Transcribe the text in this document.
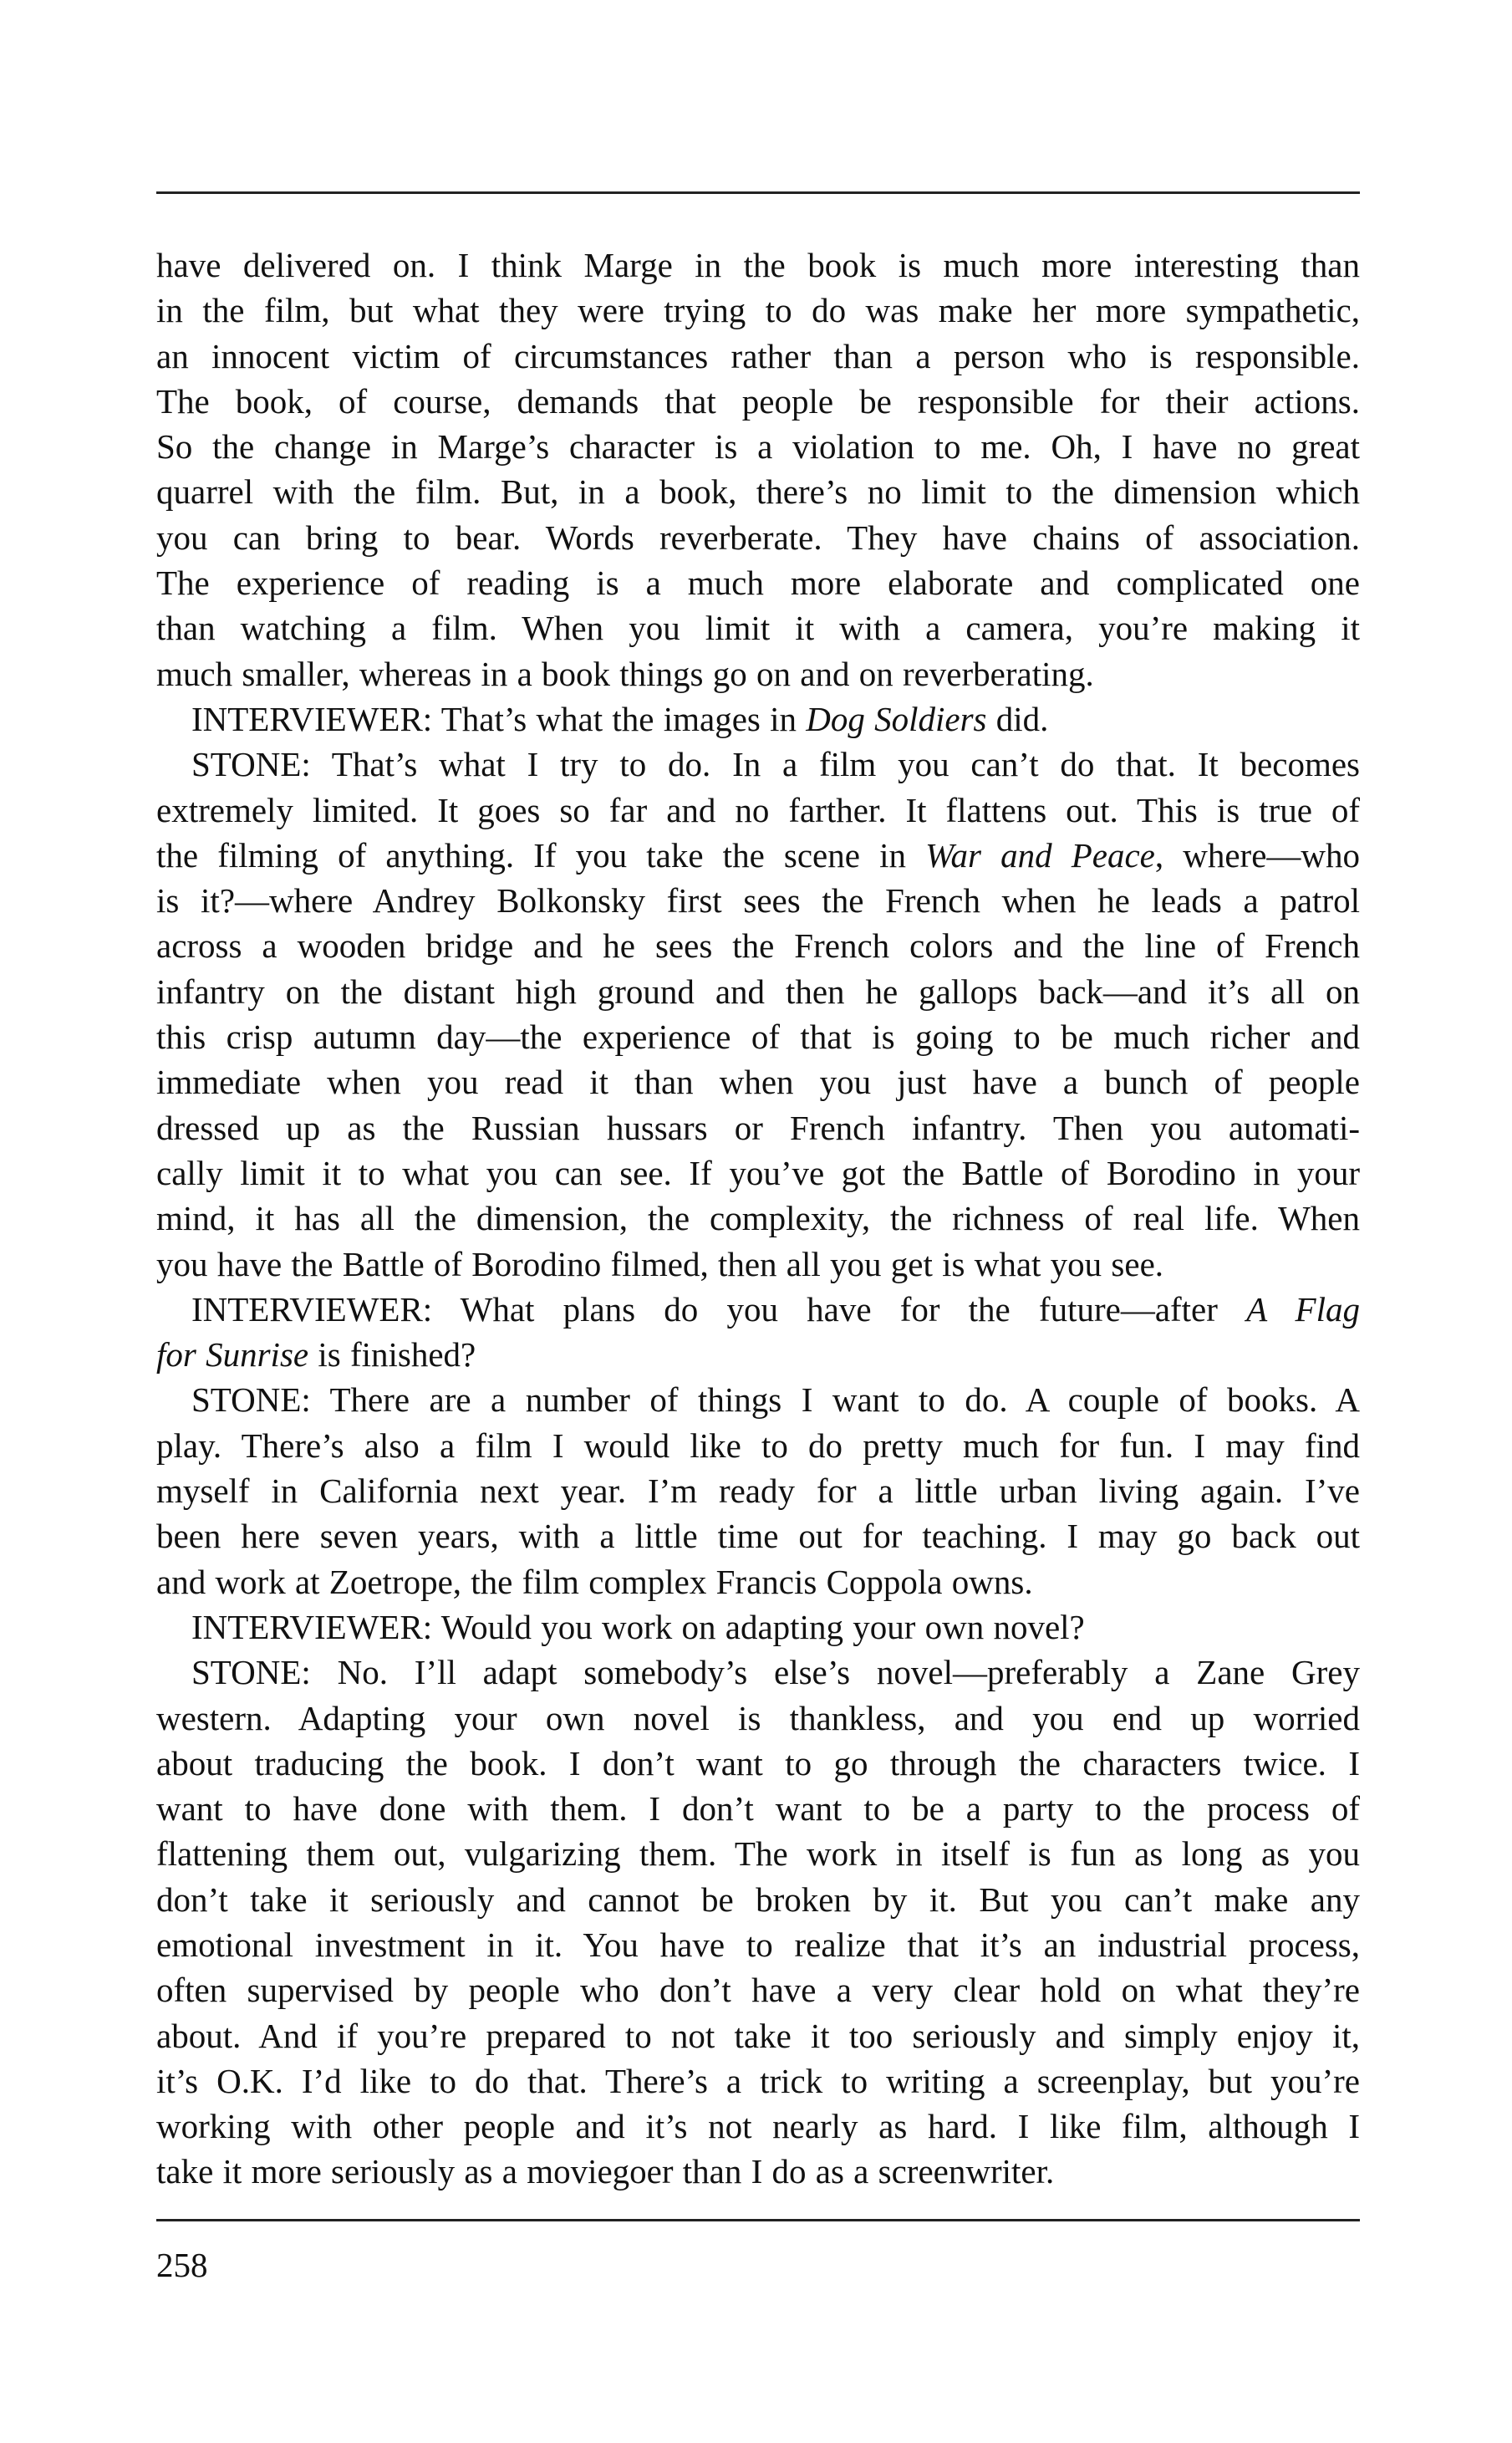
have delivered on. I think Marge in the book is much more interesting than
in the film, but what they were trying to do was make her more sympathetic,
an innocent victim of circumstances rather than a person who is responsible.
The book, of course, demands that people be responsible for their actions.
So the change in Marge’s character is a violation to me. Oh, I have no great
quarrel with the film. But, in a book, there’s no limit to the dimension which
you can bring to bear. Words reverberate. They have chains of association.
The experience of reading is a much more elaborate and complicated one
than watching a film. When you limit it with a camera, you’re making it
much smaller, whereas in a book things go on and on reverberating.
INTERVIEWER: That’s what the images in Dog Soldiers did.
STONE: That’s what I try to do. In a film you can’t do that. It becomes
extremely limited. It goes so far and no farther. It flattens out. This is true of
the filming of anything. If you take the scene in War and Peace, where—who
is it?—where Andrey Bolkonsky first sees the French when he leads a patrol
across a wooden bridge and he sees the French colors and the line of French
infantry on the distant high ground and then he gallops back—and it’s all on
this crisp autumn day—the experience of that is going to be much richer and
immediate when you read it than when you just have a bunch of people
dressed up as the Russian hussars or French infantry. Then you automati-
cally limit it to what you can see. If you’ve got the Battle of Borodino in your
mind, it has all the dimension, the complexity, the richness of real life. When
you have the Battle of Borodino filmed, then all you get is what you see.
INTERVIEWER: What plans do you have for the future—after A Flag
for Sunrise is finished?
STONE: There are a number of things I want to do. A couple of books. A
play. There’s also a film I would like to do pretty much for fun. I may find
myself in California next year. I’m ready for a little urban living again. I’ve
been here seven years, with a little time out for teaching. I may go back out
and work at Zoetrope, the film complex Francis Coppola owns.
INTERVIEWER: Would you work on adapting your own novel?
STONE: No. I’ll adapt somebody’s else’s novel—preferably a Zane Grey
western. Adapting your own novel is thankless, and you end up worried
about traducing the book. I don’t want to go through the characters twice. I
want to have done with them. I don’t want to be a party to the process of
flattening them out, vulgarizing them. The work in itself is fun as long as you
don’t take it seriously and cannot be broken by it. But you can’t make any
emotional investment in it. You have to realize that it’s an industrial process,
often supervised by people who don’t have a very clear hold on what they’re
about. And if you’re prepared to not take it too seriously and simply enjoy it,
it’s O.K. I’d like to do that. There’s a trick to writing a screenplay, but you’re
working with other people and it’s not nearly as hard. I like film, although I
take it more seriously as a moviegoer than I do as a screenwriter.
258
